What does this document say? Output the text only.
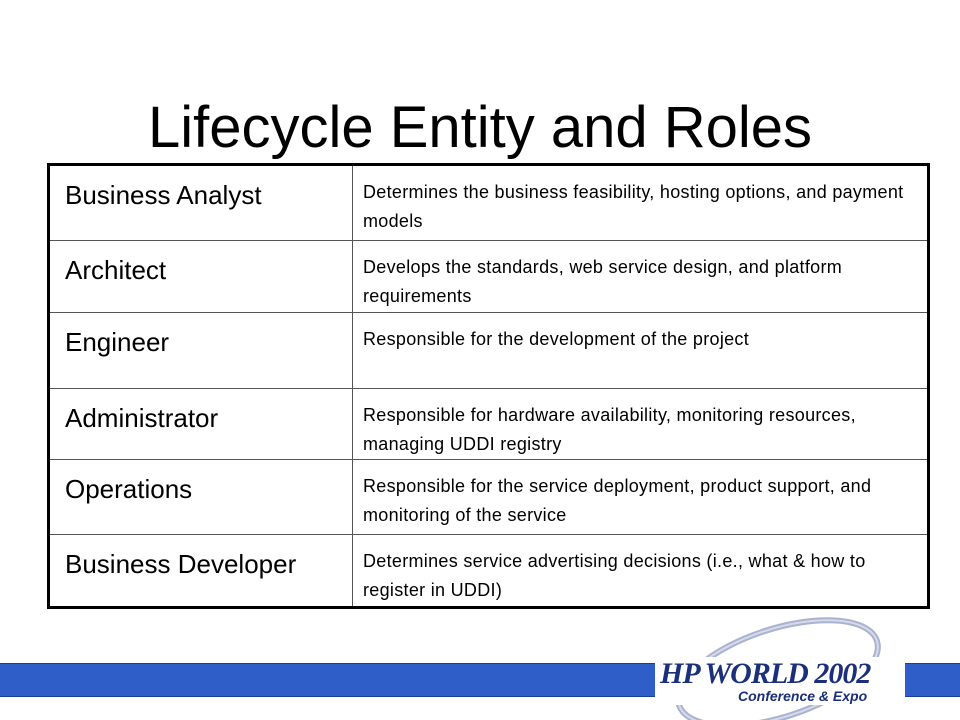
Lifecycle Entity and Roles
Business Analyst	Determines the business feasibility, hosting options, and payment models
Architect	Develops the standards, web service design, and platform requirements
Engineer	Responsible for the development of the project
Administrator	Responsible for hardware availability, monitoring resources, managing UDDI registry
Operations	Responsible for the service deployment, product support, and monitoring of the service
Business Developer	Determines service advertising decisions (i.e., what & how to register in UDDI)
HP WORLD 2002
Conference & Expo
